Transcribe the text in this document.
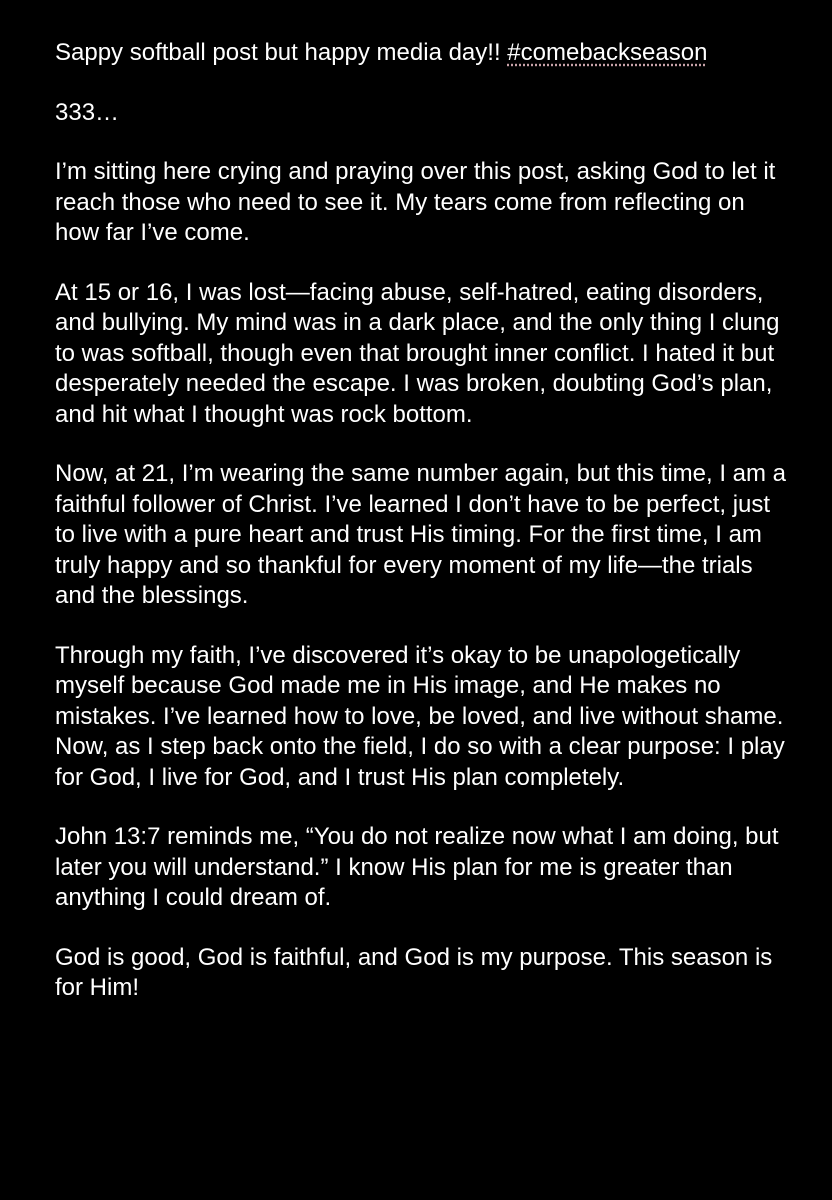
Sappy softball post but happy media day!! #comebackseason

333…

I’m sitting here crying and praying over this post, asking God to let it reach those who need to see it. My tears come from reflecting on how far I’ve come.

At 15 or 16, I was lost—facing abuse, self-hatred, eating disorders, and bullying. My mind was in a dark place, and the only thing I clung to was softball, though even that brought inner conflict. I hated it but desperately needed the escape. I was broken, doubting God’s plan, and hit what I thought was rock bottom.

Now, at 21, I’m wearing the same number again, but this time, I am a faithful follower of Christ. I’ve learned I don’t have to be perfect, just to live with a pure heart and trust His timing. For the first time, I am truly happy and so thankful for every moment of my life—the trials and the blessings.

Through my faith, I’ve discovered it’s okay to be unapologetically myself because God made me in His image, and He makes no mistakes. I’ve learned how to love, be loved, and live without shame. Now, as I step back onto the field, I do so with a clear purpose: I play for God, I live for God, and I trust His plan completely.

John 13:7 reminds me, “You do not realize now what I am doing, but later you will understand.” I know His plan for me is greater than anything I could dream of.

God is good, God is faithful, and God is my purpose. This season is for Him!
